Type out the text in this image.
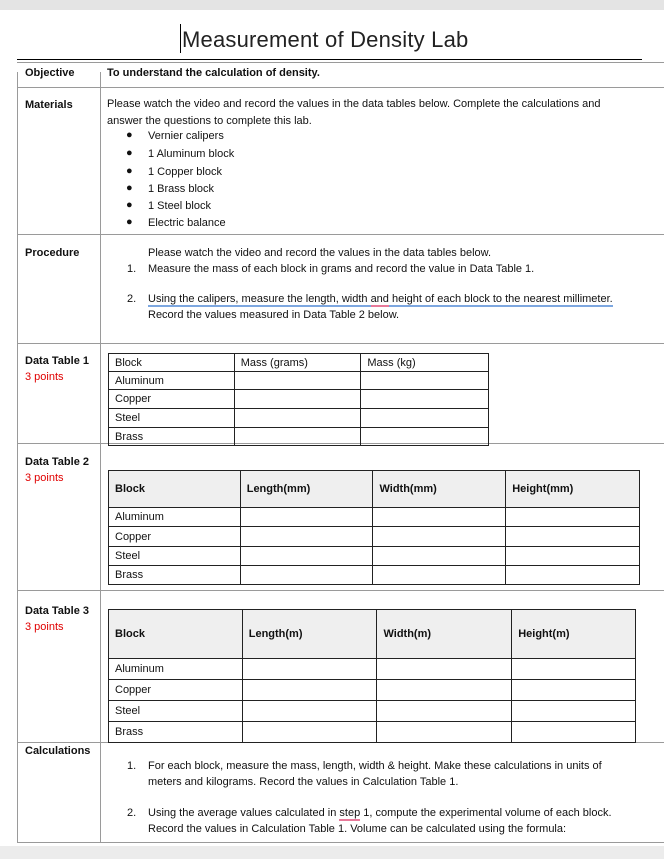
Measurement of Density Lab
Objective	To understand the calculation of density.
Materials	Please watch the video and record the values in the data tables below. Complete the calculations and
answer the questions to complete this lab.
● Vernier calipers
● 1 Aluminum block
● 1 Copper block
● 1 Brass block
● 1 Steel block
● Electric balance
Procedure	Please watch the video and record the values in the data tables below.
1. Measure the mass of each block in grams and record the value in Data Table 1.
2. Using the calipers, measure the length, width and height of each block to the nearest millimeter.
Record the values measured in Data Table 2 below.
Data Table 1
3 points
Block	Mass (grams)	Mass (kg)
Aluminum		
Copper		
Steel		
Brass		
Data Table 2
3 points
Block	Length(mm)	Width(mm)	Height(mm)
Aluminum			
Copper			
Steel			
Brass			
Data Table 3
3 points
Block	Length(m)	Width(m)	Height(m)
Aluminum			
Copper			
Steel			
Brass			
Calculations
1. For each block, measure the mass, length, width & height. Make these calculations in units of
meters and kilograms. Record the values in Calculation Table 1.
2. Using the average values calculated in step 1, compute the experimental volume of each block.
Record the values in Calculation Table 1. Volume can be calculated using the formula:
